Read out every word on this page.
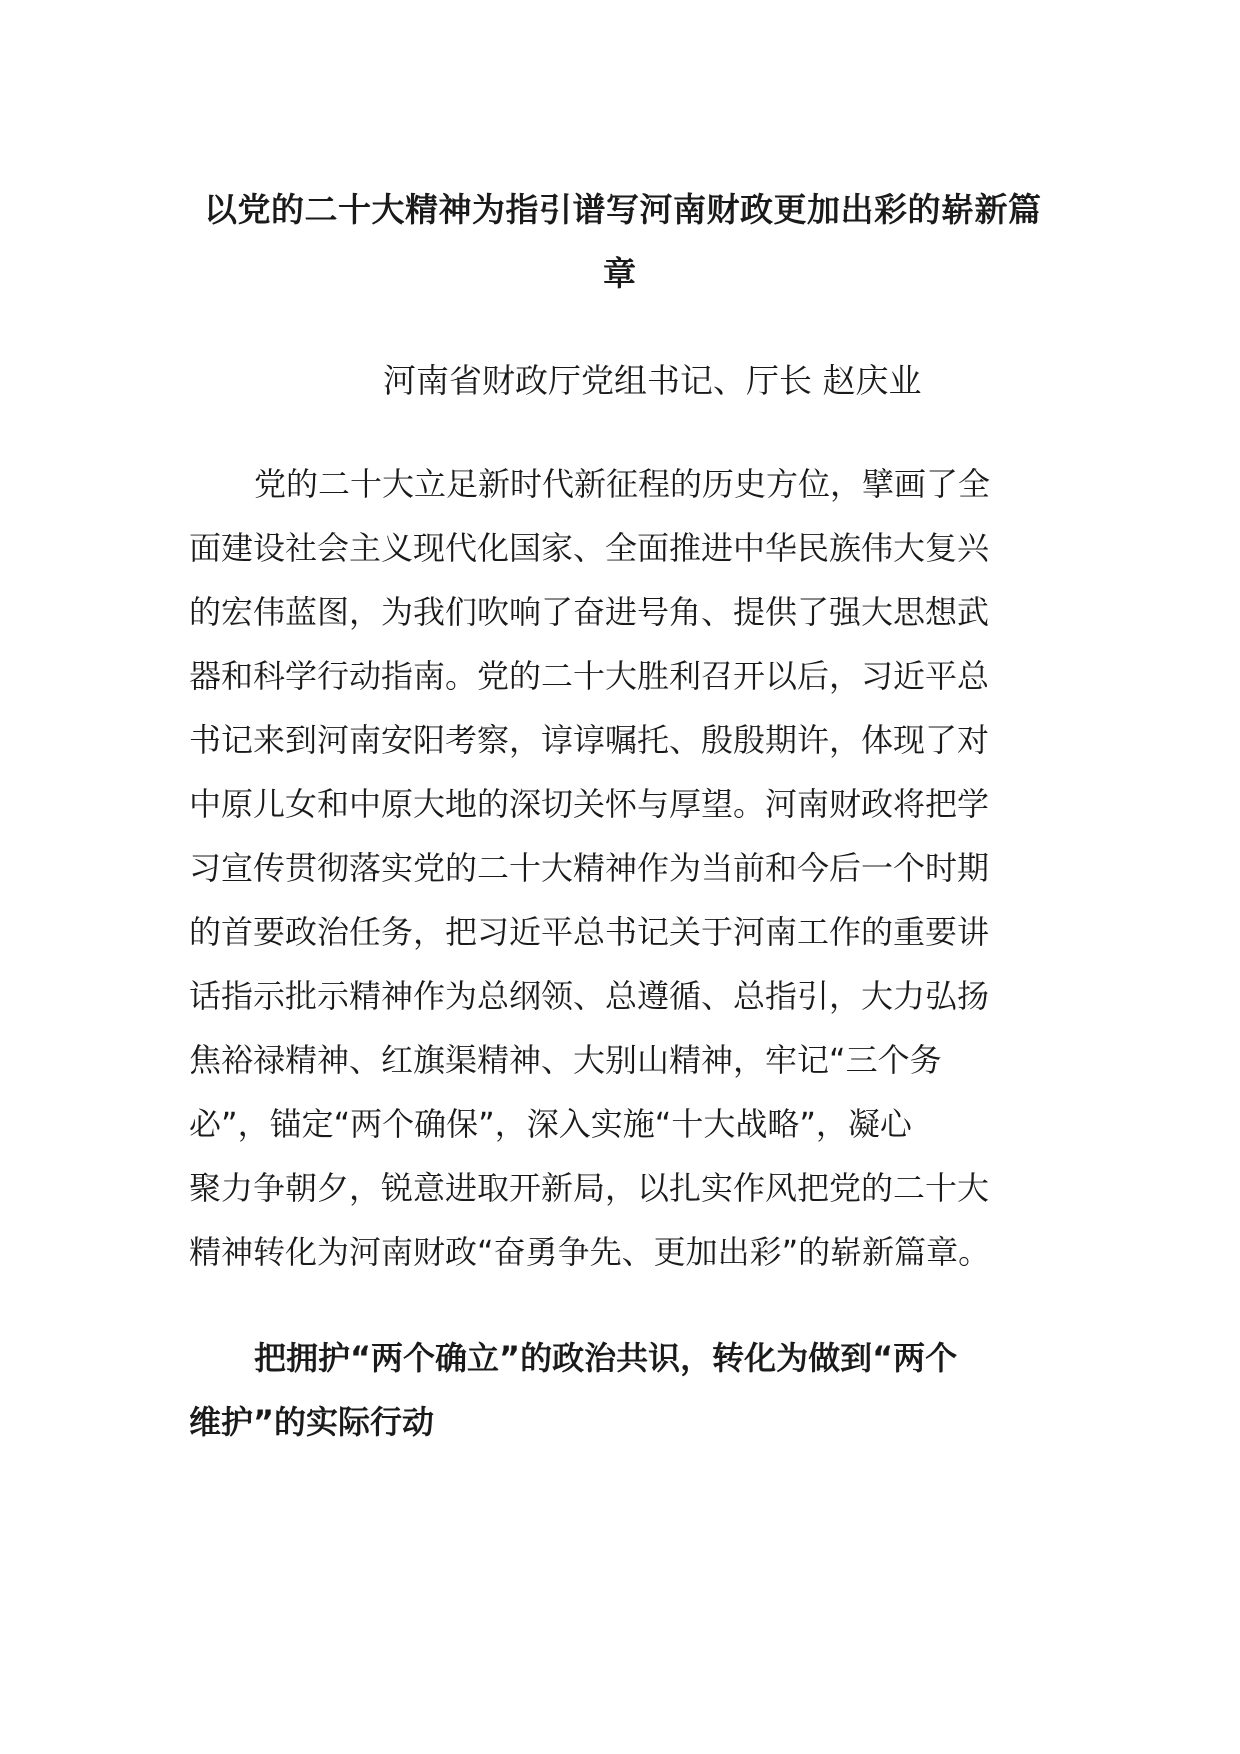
以党的二十大精神为指引谱写河南财政更加出彩的崭新篇
章
河南省财政厅党组书记、厅长 赵庆业
党的二十大立足新时代新征程的历史方位，擘画了全
面建设社会主义现代化国家、全面推进中华民族伟大复兴
的宏伟蓝图，为我们吹响了奋进号角、提供了强大思想武
器和科学行动指南。党的二十大胜利召开以后，习近平总
书记来到河南安阳考察，谆谆嘱托、殷殷期许，体现了对
中原儿女和中原大地的深切关怀与厚望。河南财政将把学
习宣传贯彻落实党的二十大精神作为当前和今后一个时期
的首要政治任务，把习近平总书记关于河南工作的重要讲
话指示批示精神作为总纲领、总遵循、总指引，大力弘扬
焦裕禄精神、红旗渠精神、大别山精神，牢记“三个务
必”，锚定“两个确保”，深入实施“十大战略”，凝心
聚力争朝夕，锐意进取开新局，以扎实作风把党的二十大
精神转化为河南财政“奋勇争先、更加出彩”的崭新篇章。
把拥护“两个确立”的政治共识，转化为做到“两个
维护”的实际行动
